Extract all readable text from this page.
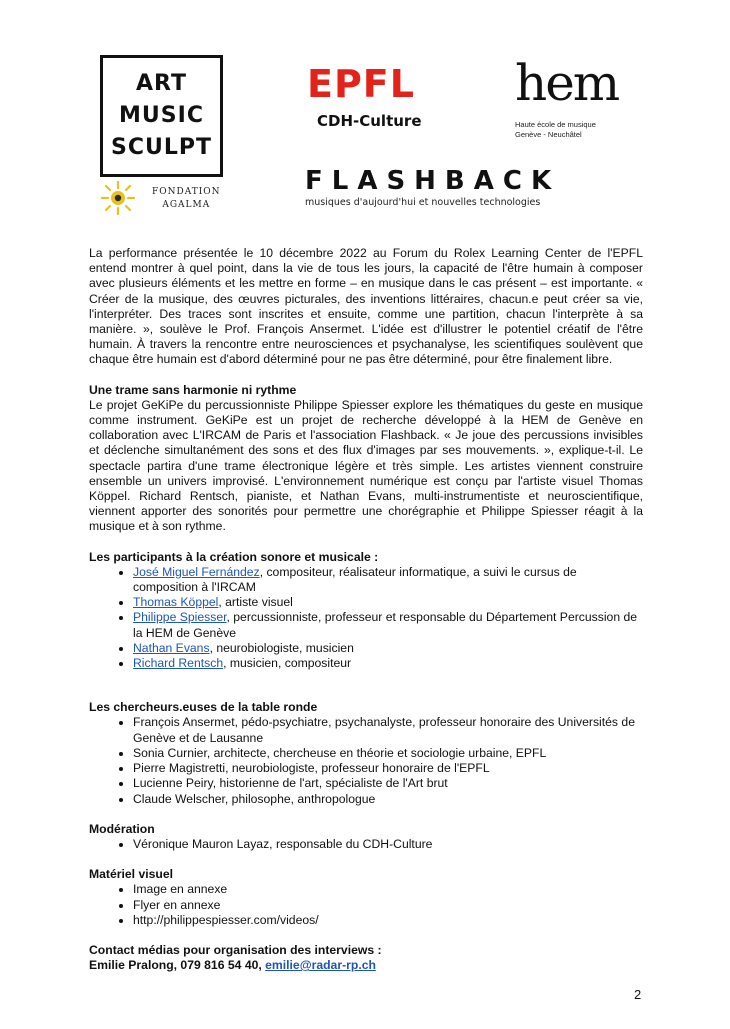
ART
MUSIC
SCULPT
FONDATION
AGALMA
EPFL
CDH-Culture
hem
Haute école de musique
Genève - Neuchâtel
FLASHBACK
musiques d'aujourd'hui et nouvelles technologies

La performance présentée le 10 décembre 2022 au Forum du Rolex Learning Center de l'EPFL entend montrer à quel point, dans la vie de tous les jours, la capacité de l'être humain à composer avec plusieurs éléments et les mettre en forme – en musique dans le cas présent – est importante. « Créer de la musique, des œuvres picturales, des inventions littéraires, chacun.e peut créer sa vie, l'interpréter. Des traces sont inscrites et ensuite, comme une partition, chacun l'interprète à sa manière. », soulève le Prof. François Ansermet. L'idée est d'illustrer le potentiel créatif de l'être humain. À travers la rencontre entre neurosciences et psychanalyse, les scientifiques soulèvent que chaque être humain est d'abord déterminé pour ne pas être déterminé, pour être finalement libre.

Une trame sans harmonie ni rythme

Le projet GeKiPe du percussionniste Philippe Spiesser explore les thématiques du geste en musique comme instrument. GeKiPe est un projet de recherche développé à la HEM de Genève en collaboration avec L'IRCAM de Paris et l'association Flashback. « Je joue des percussions invisibles et déclenche simultanément des sons et des flux d'images par ses mouvements. », explique-t-il. Le spectacle partira d'une trame électronique légère et très simple. Les artistes viennent construire ensemble un univers improvisé. L'environnement numérique est conçu par l'artiste visuel Thomas Köppel. Richard Rentsch, pianiste, et Nathan Evans, multi-instrumentiste et neuroscientifique, viennent apporter des sonorités pour permettre une chorégraphie et Philippe Spiesser réagit à la musique et à son rythme.

Les participants à la création sonore et musicale :
• José Miguel Fernández, compositeur, réalisateur informatique, a suivi le cursus de composition à l'IRCAM
• Thomas Köppel, artiste visuel
• Philippe Spiesser, percussionniste, professeur et responsable du Département Percussion de la HEM de Genève
• Nathan Evans, neurobiologiste, musicien
• Richard Rentsch, musicien, compositeur
Les chercheurs.euses de la table ronde
• François Ansermet, pédo-psychiatre, psychanalyste, professeur honoraire des Universités de Genève et de Lausanne
• Sonia Curnier, architecte, chercheuse en théorie et sociologie urbaine, EPFL
• Pierre Magistretti, neurobiologiste, professeur honoraire de l'EPFL
• Lucienne Peiry, historienne de l'art, spécialiste de l'Art brut
• Claude Welscher, philosophe, anthropologue
Modération
• Véronique Mauron Layaz, responsable du CDH-Culture
Matériel visuel
• Image en annexe
• Flyer en annexe
• http://philippespiesser.com/videos/
Contact médias pour organisation des interviews :
Emilie Pralong, 079 816 54 40, emilie@radar-rp.ch
2
